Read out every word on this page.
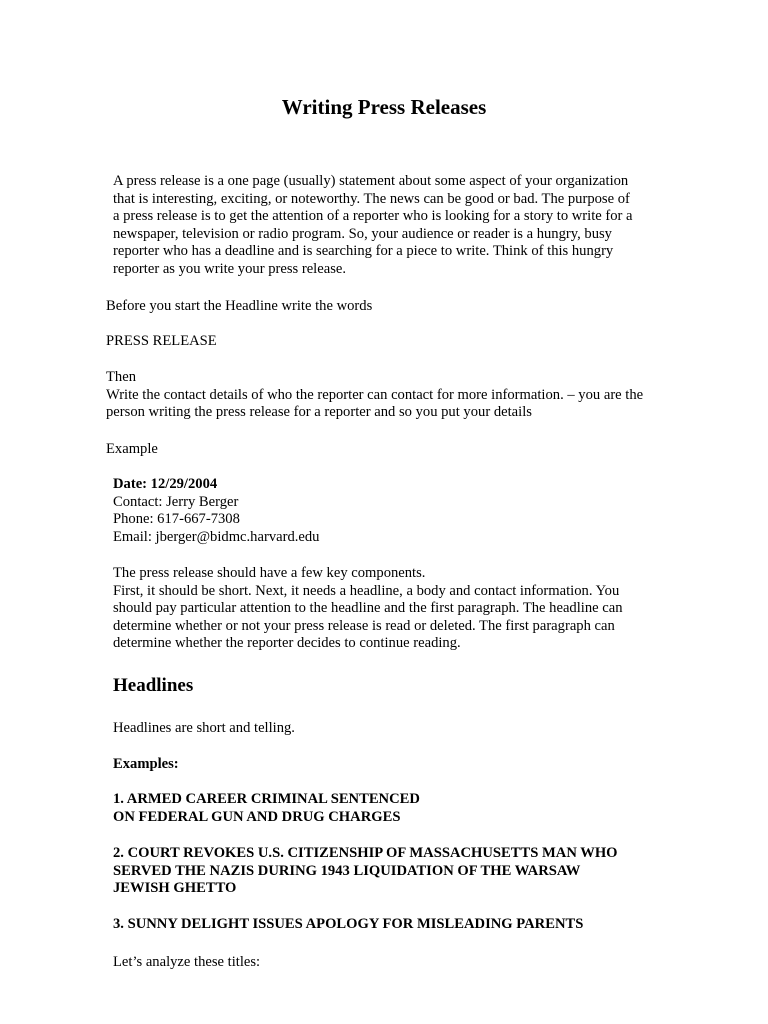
Writing Press Releases

A press release is a one page (usually) statement about some aspect of your organization
that is interesting, exciting, or noteworthy. The news can be good or bad. The purpose of
a press release is to get the attention of a reporter who is looking for a story to write for a
newspaper, television or radio program. So, your audience or reader is a hungry, busy
reporter who has a deadline and is searching for a piece to write. Think of this hungry
reporter as you write your press release.

Before you start the Headline write the words

PRESS RELEASE

Then
Write the contact details of who the reporter can contact for more information. – you are the
person writing the press release for a reporter and so you put your details

Example

Date: 12/29/2004
Contact: Jerry Berger
Phone: 617-667-7308
Email: jberger@bidmc.harvard.edu

The press release should have a few key components.
First, it should be short. Next, it needs a headline, a body and contact information. You
should pay particular attention to the headline and the first paragraph. The headline can
determine whether or not your press release is read or deleted. The first paragraph can
determine whether the reporter decides to continue reading.

Headlines

Headlines are short and telling.

Examples:

1. ARMED CAREER CRIMINAL SENTENCED
ON FEDERAL GUN AND DRUG CHARGES

2. COURT REVOKES U.S. CITIZENSHIP OF MASSACHUSETTS MAN WHO
SERVED THE NAZIS DURING 1943 LIQUIDATION OF THE WARSAW
JEWISH GHETTO

3. SUNNY DELIGHT ISSUES APOLOGY FOR MISLEADING PARENTS

Let’s analyze these titles:
